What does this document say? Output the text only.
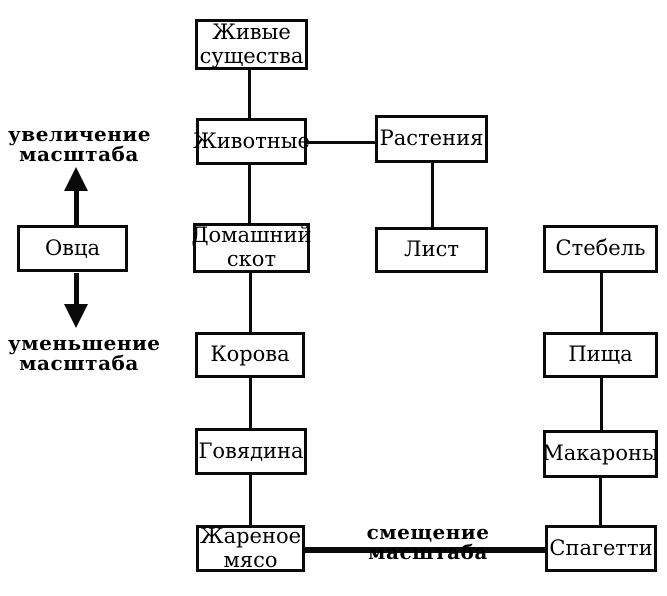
увеличение масштаба
уменьшение масштаба
смещение масштаба
Живые существа
Животные	Растения
Овца
Домашний скот	Лист	Стебель
Корова	Пища
Говядина	Макароны
Жареное мясо	Спагетти
